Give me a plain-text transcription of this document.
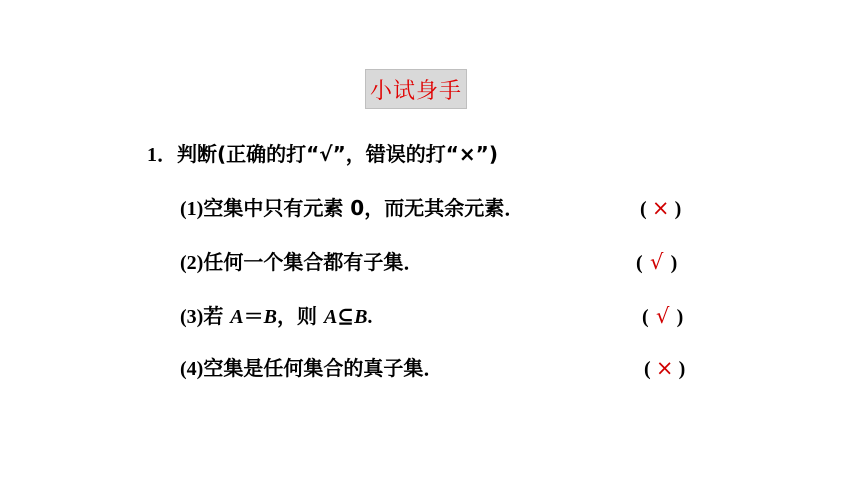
小试身手
1．判断(正确的打“√”，错误的打“×”)
(1)空集中只有元素 0，而无其余元素．	( × )
(2)任何一个集合都有子集．	( √ )
(3)若 A＝B，则 A⊆B.	( √ )
(4)空集是任何集合的真子集．	( × )
